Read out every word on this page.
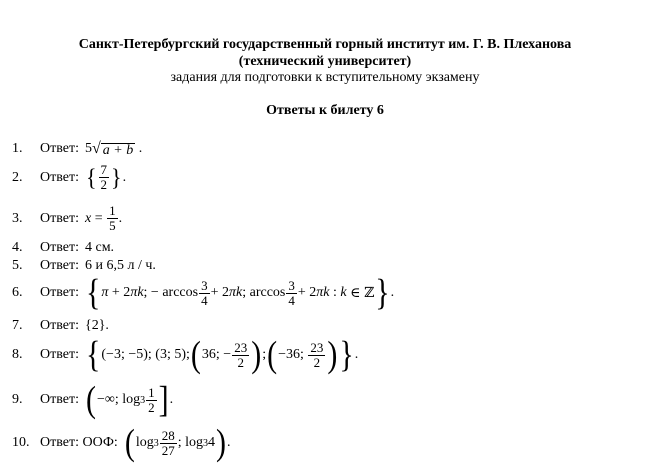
Санкт-Петербургский государственный горный институт им. Г. В. Плеханова
(технический университет)
задания для подготовки к вступительному экзамену
Ответы к билету 6
1.	Ответ: 5 √ a + b .
2.	Ответ: { $\frac{7}{2}$ } .
3.	Ответ: $x = \frac{1}{5}$ .
4.	Ответ: 4 см.
5.	Ответ: 6 и 6,5 л / ч.
6.	Ответ: { π + 2 πk ; − $\arccos \frac{3}{4} + 2$ πk ; $\arccos \frac{3}{4} + 2$ πk : k ∈ ℤ } .
7.	Ответ: {2}.
8.	Ответ: { (−3; −5); (3; 5); ( 36; − $\frac{23}{2}$ ) ; ( −36; $\frac{23}{2}$ ) } .
9.	Ответ: ( −∞; $\log 3 \frac{1}{2}$ ] .
10. Ответ: ООФ: ( $\log 3 \frac{28}{27}$ ; log 3 4 ) .
